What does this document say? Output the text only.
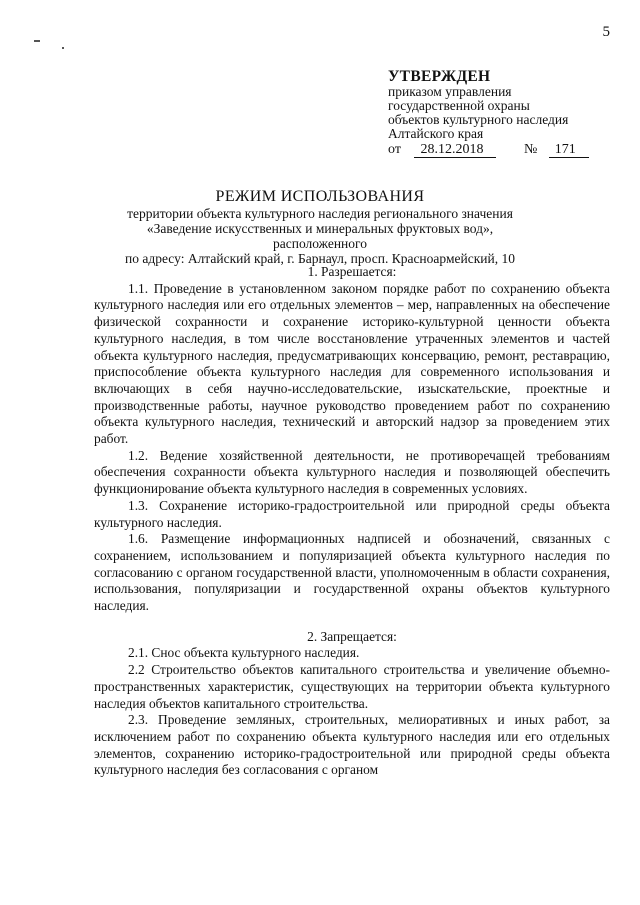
5
УТВЕРЖДЕН
приказом управления
государственной охраны
объектов культурного наследия
Алтайского края
от 28.12.2018	№ 171
РЕЖИМ ИСПОЛЬЗОВАНИЯ
территории объекта культурного наследия регионального значения
«Заведение искусственных и минеральных фруктовых вод», расположенного
по адресу: Алтайский край, г. Барнаул, просп. Красноармейский, 10
1. Разрешается:

1.1. Проведение в установленном законом порядке работ по сохранению объекта культурного наследия или его отдельных элементов – мер, направленных на обеспечение физической сохранности и сохранение историко-культурной ценности объекта культурного наследия, в том числе восстановление утраченных элементов и частей объекта культурного наследия, предусматривающих консервацию, ремонт, реставрацию, приспособление объекта культурного наследия для современного использования и включающих в себя научно-исследовательские, изыскательские, проектные и производственные работы, научное руководство проведением работ по сохранению объекта культурного наследия, технический и авторский надзор за проведением этих работ.

1.2. Ведение хозяйственной деятельности, не противоречащей требованиям обеспечения сохранности объекта культурного наследия и позволяющей обеспечить функционирование объекта культурного наследия в современных условиях.

1.3. Сохранение историко-градостроительной или природной среды объекта культурного наследия.

1.6. Размещение информационных надписей и обозначений, связанных с сохранением, использованием и популяризацией объекта культурного наследия по согласованию с органом государственной власти, уполномоченным в области сохранения, использования, популяризации и государственной охраны объектов культурного наследия.

2. Запрещается:

2.1. Снос объекта культурного наследия.

2.2 Строительство объектов капитального строительства и увеличение объемно-пространственных характеристик, существующих на территории объекта культурного наследия объектов капитального строительства.

2.3. Проведение земляных, строительных, мелиоративных и иных работ, за исключением работ по сохранению объекта культурного наследия или его отдельных элементов, сохранению историко-градостроительной или природной среды объекта культурного наследия без согласования с органом
